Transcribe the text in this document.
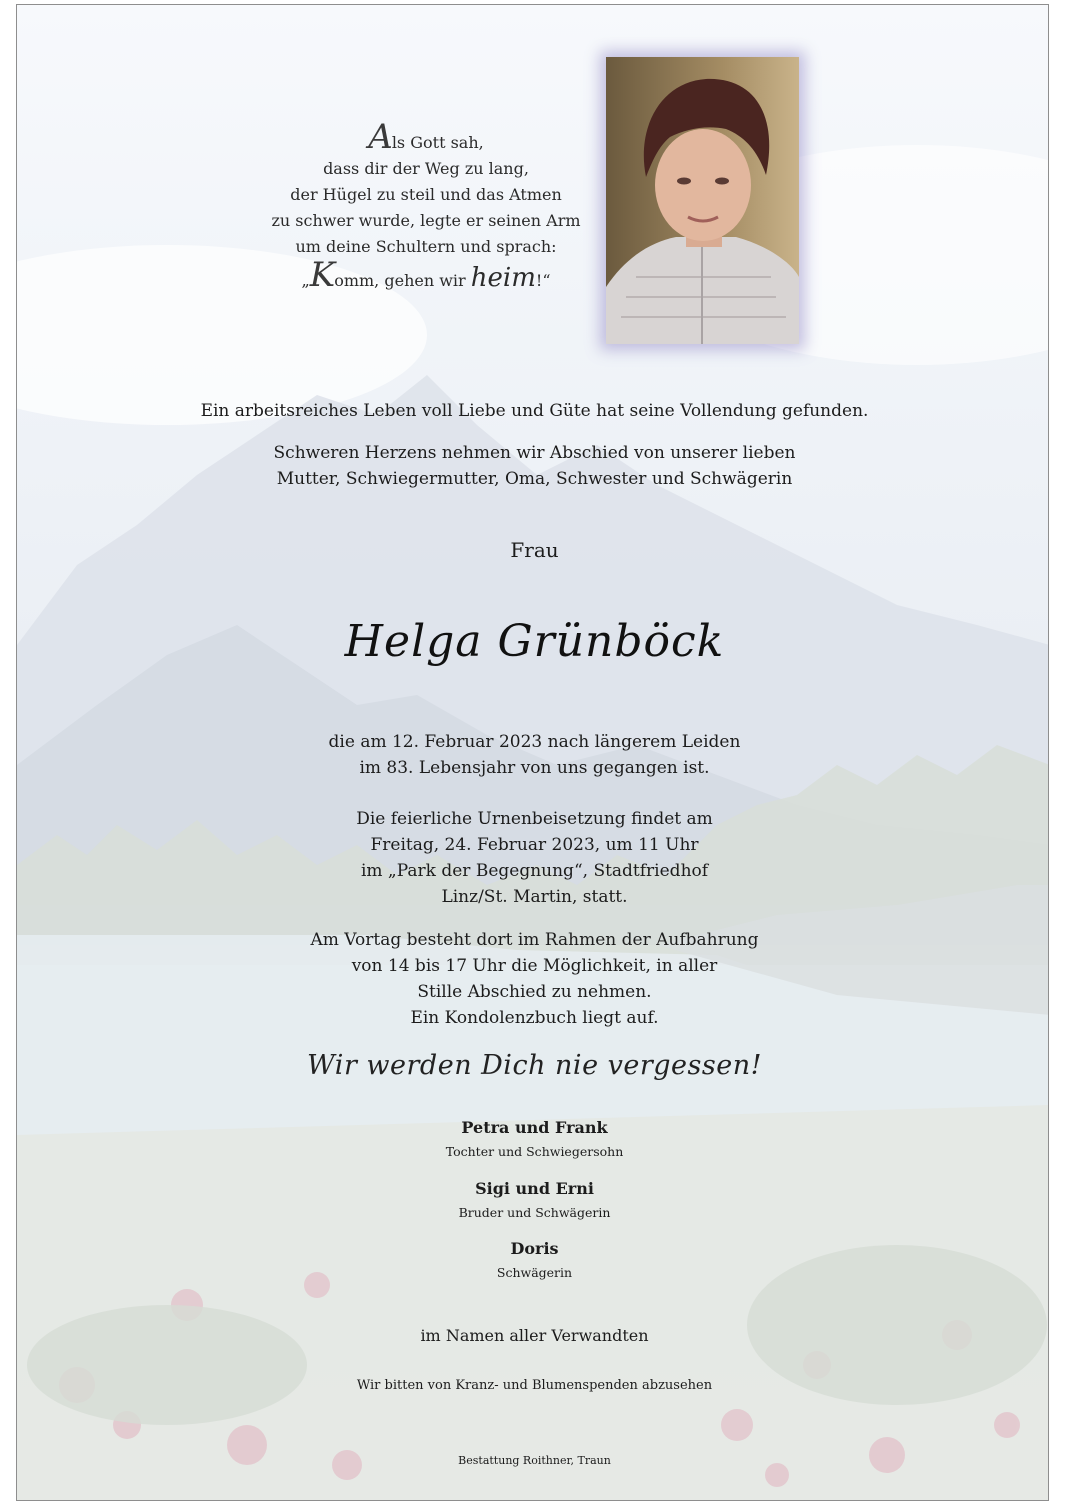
Als Gott sah,
dass dir der Weg zu lang,
der Hügel zu steil und das Atmen
zu schwer wurde, legte er seinen Arm
um deine Schultern und sprach:
„Komm, gehen wir heim!“
Ein arbeitsreiches Leben voll Liebe und Güte hat seine Vollendung gefunden.
Schweren Herzens nehmen wir Abschied von unserer lieben
Mutter, Schwiegermutter, Oma, Schwester und Schwägerin
Frau
Helga Grünböck
die am 12. Februar 2023 nach längerem Leiden
im 83. Lebensjahr von uns gegangen ist.
Die feierliche Urnenbeisetzung findet am
Freitag, 24. Februar 2023, um 11 Uhr
im „Park der Begegnung“, Stadtfriedhof
Linz/St. Martin, statt.
Am Vortag besteht dort im Rahmen der Aufbahrung
von 14 bis 17 Uhr die Möglichkeit, in aller
Stille Abschied zu nehmen.
Ein Kondolenzbuch liegt auf.
Wir werden Dich nie vergessen!
Petra und Frank
Tochter und Schwiegersohn
Sigi und Erni
Bruder und Schwägerin
Doris
Schwägerin
im Namen aller Verwandten
Wir bitten von Kranz- und Blumenspenden abzusehen
Bestattung Roithner, Traun
